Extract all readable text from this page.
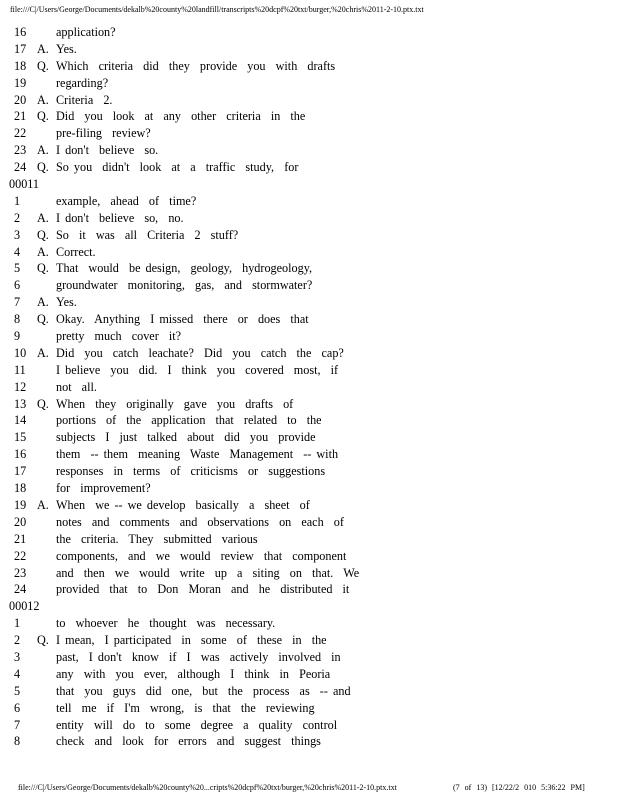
file:///C|/Users/George/Documents/dekalb%20county%20landfill/transcripts%20dcpf%20txt/burger,%20chris%2011-2-10.ptx.txt
16 application?
17 A. Yes.
18 Q. Which  criteria  did  they  provide  you  with  drafts
19 regarding?
20 A. Criteria  2.
21 Q. Did  you  look  at  any  other  criteria  in  the
22 pre-filing  review?
23 A. I don't  believe  so.
24 Q. So you  didn't  look  at  a  traffic  study,  for
00011
1	example,  ahead  of  time?
2 A. I don't  believe  so,  no.
3 Q. So  it  was  all  Criteria  2  stuff?
4 A. Correct.
5 Q. That  would  be design,  geology,  hydrogeology,
6	groundwater  monitoring,  gas,  and  stormwater?
7 A. Yes.
8 Q. Okay.  Anything  I missed  there  or  does  that
9	pretty  much  cover  it?
10 A. Did  you  catch  leachate?  Did  you  catch  the  cap?
11 I believe  you  did.  I  think  you  covered  most,  if
12 not  all.
13 Q. When  they  originally  gave  you  drafts  of
14 portions  of  the  application  that  related  to  the
15 subjects  I  just  talked  about  did  you  provide
16 them  -- them  meaning  Waste  Management  -- with
17 responses  in  terms  of  criticisms  or  suggestions
18 for  improvement?
19 A. When  we -- we develop  basically  a  sheet  of
20 notes  and  comments  and  observations  on  each  of
21 the  criteria.  They  submitted  various
22 components,  and  we  would  review  that  component
23 and  then  we  would  write  up  a  siting  on  that.  We
24 provided  that  to  Don  Moran  and  he  distributed  it
00012
1	to  whoever  he  thought  was  necessary.
2 Q. I mean,  I participated  in  some  of  these  in  the
3	past,  I don't  know  if  I  was  actively  involved  in
4	any  with  you  ever,  although  I  think  in  Peoria
5	that  you  guys  did  one,  but  the  process  as  -- and
6	tell  me  if  I'm  wrong,  is  that  the  reviewing
7	entity  will  do  to  some  degree  a  quality  control
8	check  and  look  for  errors  and  suggest  things
file:///C|/Users/George/Documents/dekalb%20county%20...cripts%20dcpf%20txt/burger,%20chris%2011-2-10.ptx.txt	(7 of 13) [12/22/2 010 5:36:22 PM]
